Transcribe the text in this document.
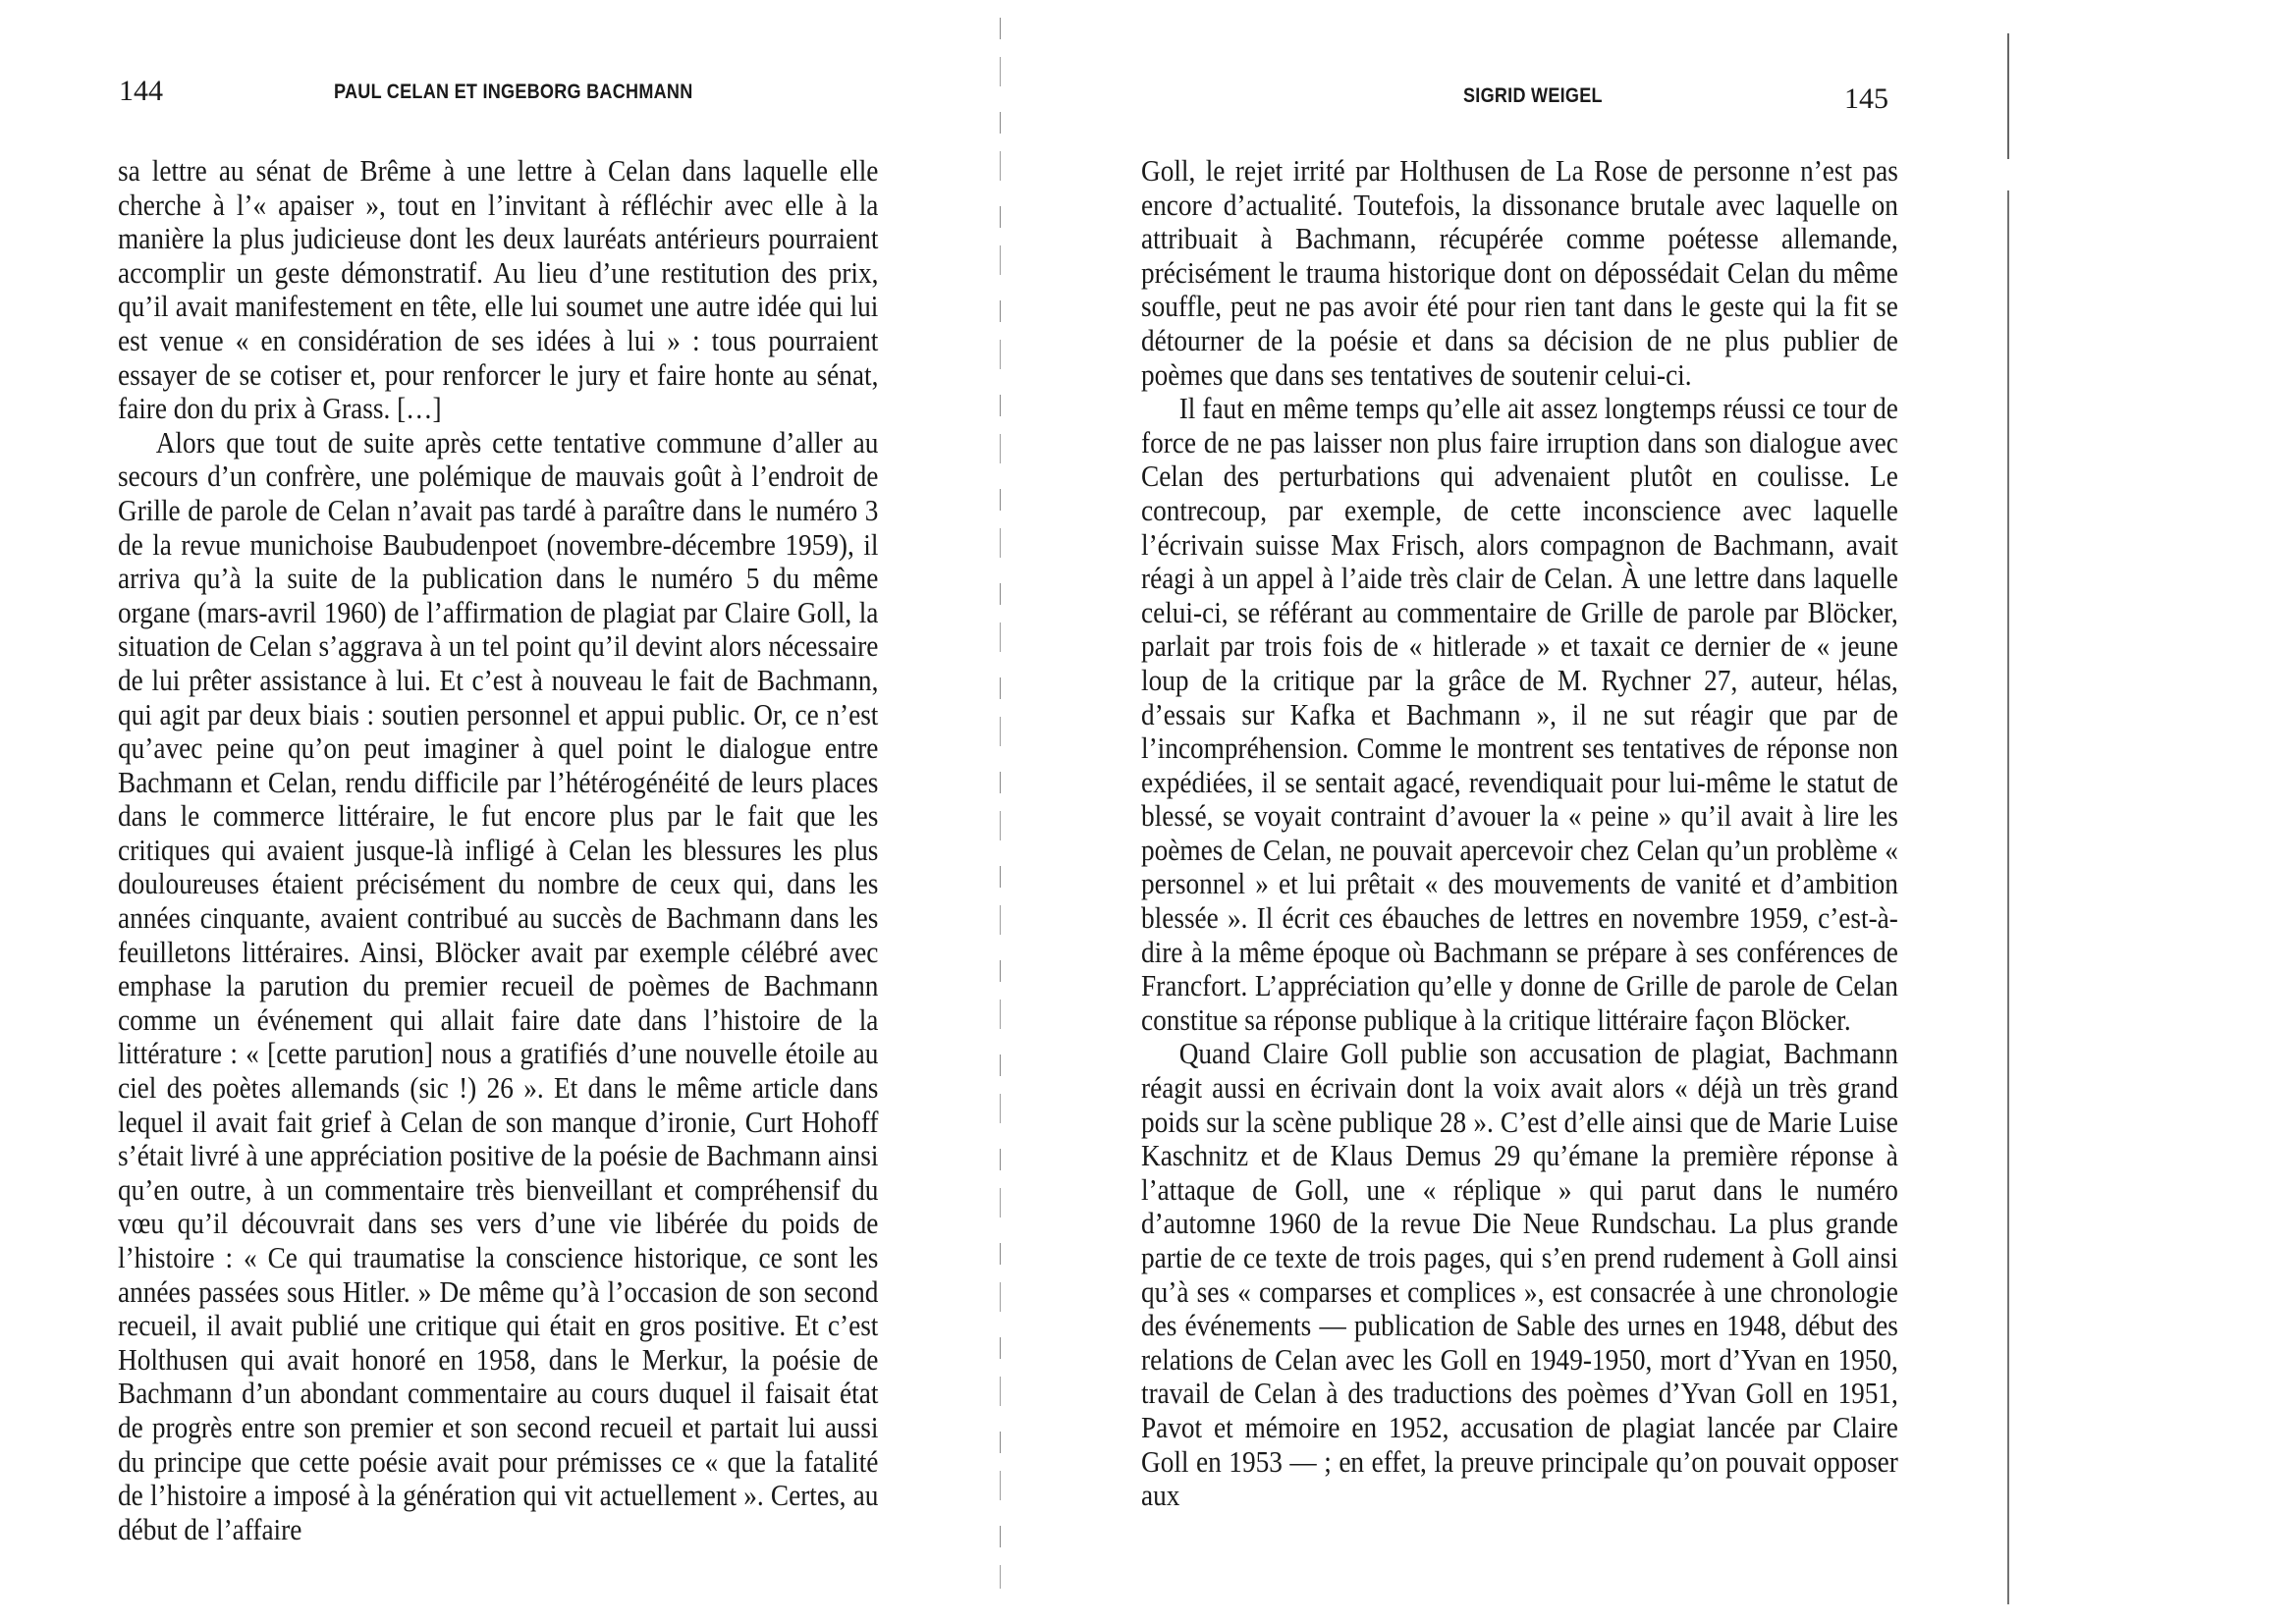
144	PAUL CELAN ET INGEBORG BACHMANN

sa lettre au sénat de Brême à une lettre à Celan dans laquelle elle cherche à l’« apaiser », tout en l’invitant à réfléchir avec elle à la manière la plus judicieuse dont les deux lauréats antérieurs pourraient accomplir un geste démonstratif. Au lieu d’une restitution des prix, qu’il avait manifestement en tête, elle lui soumet une autre idée qui lui est venue « en considération de ses idées à lui » : tous pourraient essayer de se cotiser et, pour renforcer le jury et faire honte au sénat, faire don du prix à Grass. […]

Alors que tout de suite après cette tentative commune d’aller au secours d’un confrère, une polémique de mauvais goût à l’endroit de Grille de parole de Celan n’avait pas tardé à paraître dans le numéro 3 de la revue munichoise Baubudenpoet (novembre-décembre 1959), il arriva qu’à la suite de la publication dans le numéro 5 du même organe (mars-avril 1960) de l’affirmation de plagiat par Claire Goll, la situation de Celan s’aggrava à un tel point qu’il devint alors nécessaire de lui prêter assistance à lui. Et c’est à nouveau le fait de Bachmann, qui agit par deux biais : soutien personnel et appui public. Or, ce n’est qu’avec peine qu’on peut imaginer à quel point le dialogue entre Bachmann et Celan, rendu difficile par l’hétérogénéité de leurs places dans le commerce littéraire, le fut encore plus par le fait que les critiques qui avaient jusque-là infligé à Celan les blessures les plus douloureuses étaient précisément du nombre de ceux qui, dans les années cinquante, avaient contribué au succès de Bachmann dans les feuilletons littéraires. Ainsi, Blöcker avait par exemple célébré avec emphase la parution du premier recueil de poèmes de Bachmann comme un événement qui allait faire date dans l’histoire de la littérature : « [cette parution] nous a gratifiés d’une nouvelle étoile au ciel des poètes allemands (sic !) 26 ». Et dans le même article dans lequel il avait fait grief à Celan de son manque d’ironie, Curt Hohoff s’était livré à une appréciation positive de la poésie de Bachmann ainsi qu’en outre, à un commentaire très bienveillant et compréhensif du vœu qu’il découvrait dans ses vers d’une vie libérée du poids de l’histoire : « Ce qui traumatise la conscience historique, ce sont les années passées sous Hitler. » De même qu’à l’occasion de son second recueil, il avait publié une critique qui était en gros positive. Et c’est Holthusen qui avait honoré en 1958, dans le Merkur, la poésie de Bachmann d’un abondant commentaire au cours duquel il faisait état de progrès entre son premier et son second recueil et partait lui aussi du principe que cette poésie avait pour prémisses ce « que la fatalité de l’histoire a imposé à la génération qui vit actuellement ». Certes, au début de l’affaire

145
SIGRID WEIGEL

Goll, le rejet irrité par Holthusen de La Rose de personne n’est pas encore d’actualité. Toutefois, la dissonance brutale avec laquelle on attribuait à Bachmann, récupérée comme poétesse allemande, précisément le trauma historique dont on dépossédait Celan du même souffle, peut ne pas avoir été pour rien tant dans le geste qui la fit se détourner de la poésie et dans sa décision de ne plus publier de poèmes que dans ses tentatives de soutenir celui-ci.

Il faut en même temps qu’elle ait assez longtemps réussi ce tour de force de ne pas laisser non plus faire irruption dans son dialogue avec Celan des perturbations qui advenaient plutôt en coulisse. Le contrecoup, par exemple, de cette inconscience avec laquelle l’écrivain suisse Max Frisch, alors compagnon de Bachmann, avait réagi à un appel à l’aide très clair de Celan. À une lettre dans laquelle celui-ci, se référant au commentaire de Grille de parole par Blöcker, parlait par trois fois de « hitlerade » et taxait ce dernier de « jeune loup de la critique par la grâce de M. Rychner 27, auteur, hélas, d’essais sur Kafka et Bachmann », il ne sut réagir que par de l’incompréhension. Comme le montrent ses tentatives de réponse non expédiées, il se sentait agacé, revendiquait pour lui-même le statut de blessé, se voyait contraint d’avouer la « peine » qu’il avait à lire les poèmes de Celan, ne pouvait apercevoir chez Celan qu’un problème « personnel » et lui prêtait « des mouvements de vanité et d’ambition blessée ». Il écrit ces ébauches de lettres en novembre 1959, c’est-à-dire à la même époque où Bachmann se prépare à ses conférences de Francfort. L’appréciation qu’elle y donne de Grille de parole de Celan constitue sa réponse publique à la critique littéraire façon Blöcker.

Quand Claire Goll publie son accusation de plagiat, Bachmann réagit aussi en écrivain dont la voix avait alors « déjà un très grand poids sur la scène publique 28 ». C’est d’elle ainsi que de Marie Luise Kaschnitz et de Klaus Demus 29 qu’émane la première réponse à l’attaque de Goll, une « réplique » qui parut dans le numéro d’automne 1960 de la revue Die Neue Rundschau. La plus grande partie de ce texte de trois pages, qui s’en prend rudement à Goll ainsi qu’à ses « comparses et complices », est consacrée à une chronologie des événements — publication de Sable des urnes en 1948, début des relations de Celan avec les Goll en 1949-1950, mort d’Yvan en 1950, travail de Celan à des traductions des poèmes d’Yvan Goll en 1951, Pavot et mémoire en 1952, accusation de plagiat lancée par Claire Goll en 1953 — ; en effet, la preuve principale qu’on pouvait opposer aux
